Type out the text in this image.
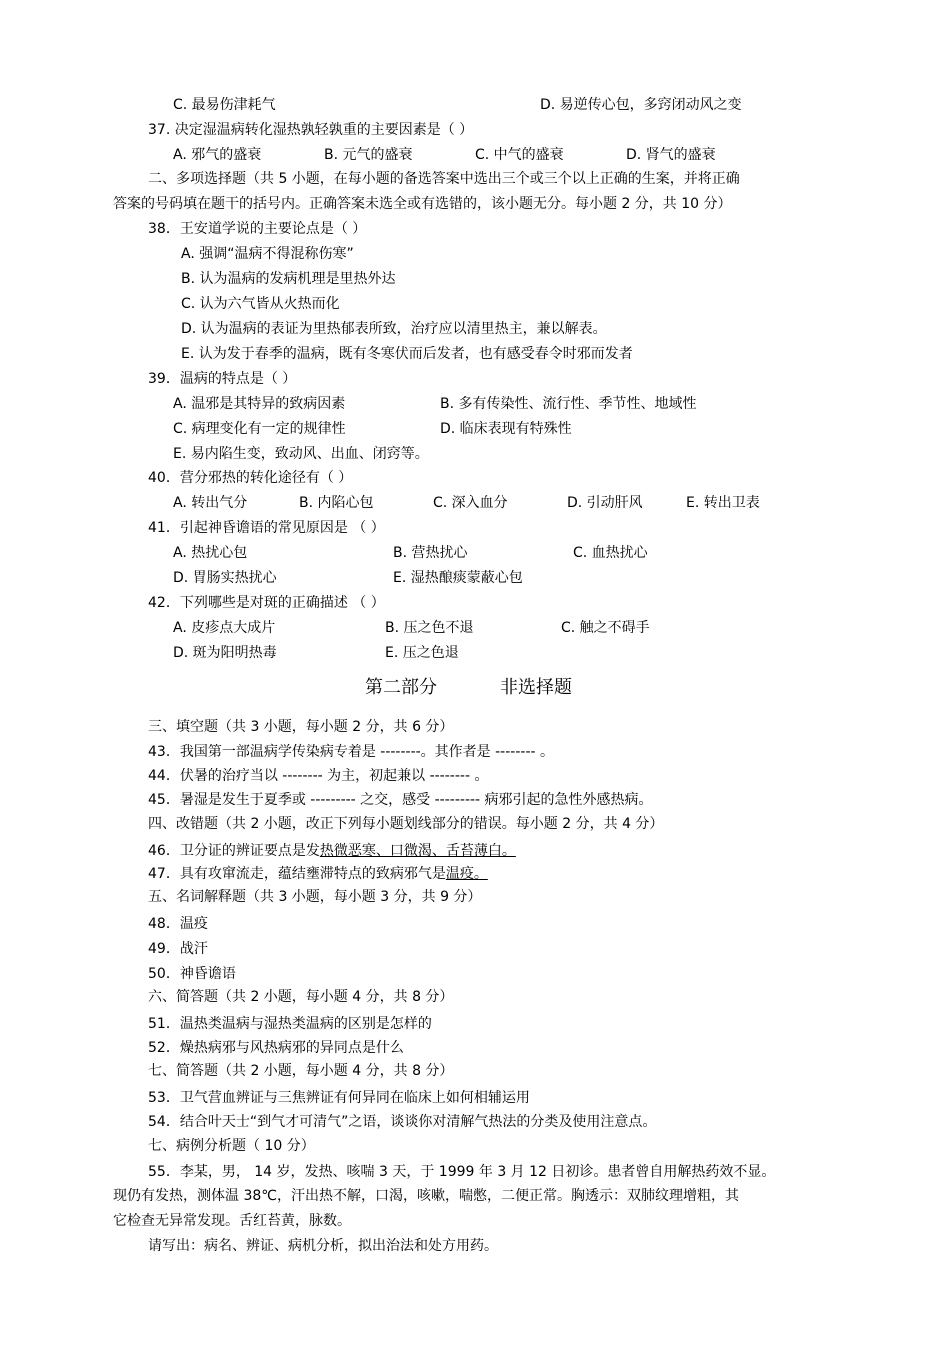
C. 最易伤津耗气	D. 易逆传心包，多窍闭动风之变
37. 决定湿温病转化湿热孰轻孰重的主要因素是（ ）
A. 邪气的盛衰	B. 元气的盛衰	C. 中气的盛衰	D. 肾气的盛衰
二、多项选择题（共 5 小题，在每小题的备选答案中选出三个或三个以上正确的生案，并将正确
答案的号码填在题干的括号内。正确答案未选全或有选错的，该小题无分。每小题 2 分，共 10 分）
38．王安道学说的主要论点是（ ）
A. 强调“温病不得混称伤寒”
B. 认为温病的发病机理是里热外达
C. 认为六气皆从火热而化
D. 认为温病的表证为里热郁表所致，治疗应以清里热主，兼以解表。
E. 认为发于春季的温病，既有冬寒伏而后发者，也有感受春令时邪而发者
39．温病的特点是（ ）
A. 温邪是其特异的致病因素	B. 多有传染性、流行性、季节性、地域性
C. 病理变化有一定的规律性	D. 临床表现有特殊性
E. 易内陷生变，致动风、出血、闭窍等。
40．营分邪热的转化途径有（ ）
A. 转出气分	B. 内陷心包	C. 深入血分	D. 引动肝风	E. 转出卫表
41．引起神昏谵语的常见原因是 （ ）
A. 热扰心包	B. 营热扰心	C. 血热扰心
D. 胃肠实热扰心	E. 湿热酿痰蒙蔽心包
42．下列哪些是对斑的正确描述 （ ）
A. 皮疹点大成片	B. 压之色不退	C. 触之不碍手
D. 斑为阳明热毒	E. 压之色退
第二部分	非选择题
三、填空题（共 3 小题，每小题 2 分，共 6 分）
43．我国第一部温病学传染病专着是 --------。其作者是 -------- 。
44．伏暑的治疗当以 -------- 为主，初起兼以 -------- 。
45．暑湿是发生于夏季或 --------- 之交，感受 --------- 病邪引起的急性外感热病。
四、改错题（共 2 小题，改正下列每小题划线部分的错误。每小题 2 分，共 4 分）
46．卫分证的辨证要点是发热微恶寒、口微渴、舌苔薄白。
47．具有攻窜流走，蕴结壅滞特点的致病邪气是温疫。
五、名词解释题（共 3 小题，每小题 3 分，共 9 分）
48．温疫
49．战汗
50．神昏谵语
六、简答题（共 2 小题，每小题 4 分，共 8 分）
51．温热类温病与湿热类温病的区别是怎样的
52．燥热病邪与风热病邪的异同点是什么
七、简答题（共 2 小题，每小题 4 分，共 8 分）
53．卫气营血辨证与三焦辨证有何异同在临床上如何相辅运用
54．结合叶天士“到气才可清气”之语，谈谈你对清解气热法的分类及使用注意点。
七、病例分析题（ 10 分）
55．李某，男， 14 岁，发热、咳喘 3 天，于 1999 年 3 月 12 日初诊。患者曾自用解热药效不显。
现仍有发热，测体温 38℃，汗出热不解，口渴，咳嗽，喘憋，二便正常。胸透示：双肺纹理增粗，其
它检查无异常发现。舌红苔黄，脉数。
请写出：病名、辨证、病机分析，拟出治法和处方用药。
